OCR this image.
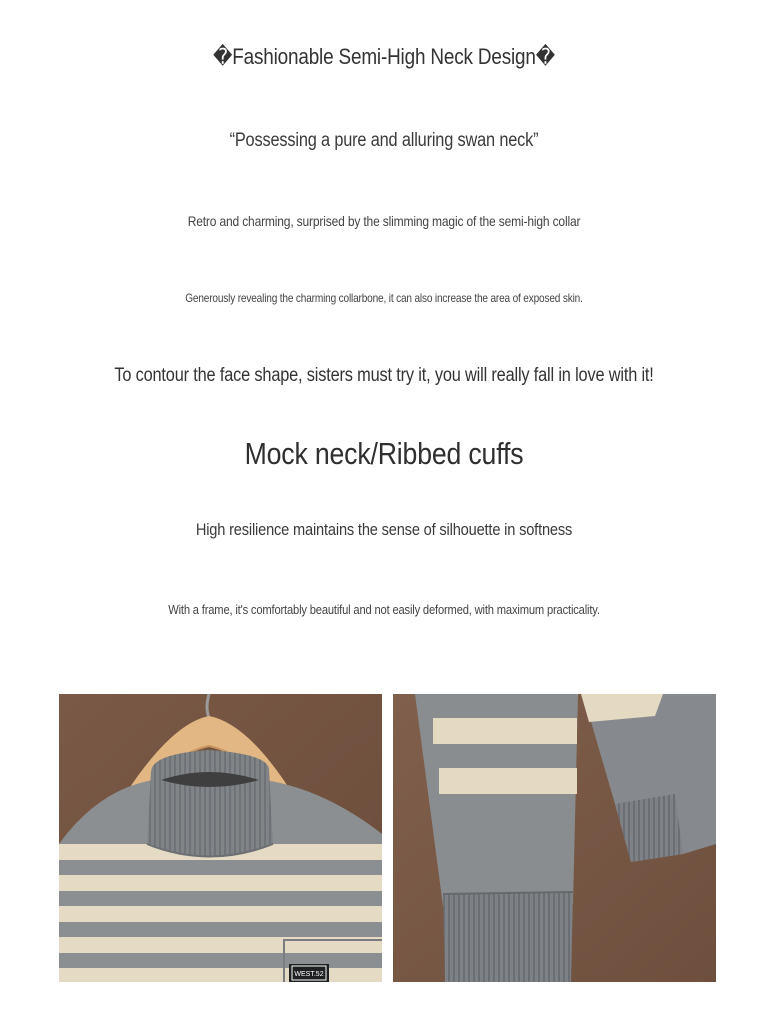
�Fashionable Semi-High Neck Design�
“Possessing a pure and alluring swan neck”
Retro and charming, surprised by the slimming magic of the semi-high collar
Generously revealing the charming collarbone, it can also increase the area of exposed skin.
To contour the face shape, sisters must try it, you will really fall in love with it!
Mock neck/Ribbed cuffs
High resilience maintains the sense of silhouette in softness
With a frame, it's comfortably beautiful and not easily deformed, with maximum practicality.
WEST.52
